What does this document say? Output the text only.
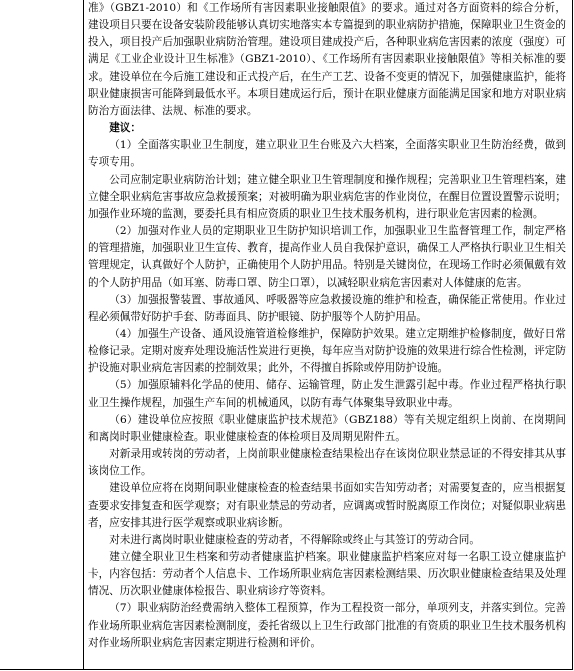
准》（GBZ1-2010）和《工作场所有害因素职业接触限值》的要求。通过对各方面资料的综合分析，建设项目只要在设备安装阶段能够认真切实地落实本专篇提到的职业病防护措施，保障职业卫生资金的投入，项目投产后加强职业病防治管理。建设项目建成投产后，各种职业病危害因素的浓度（强度）可满足《工业企业设计卫生标准》（GBZ1-2010）、《工作场所有害因素职业接触限值》等相关标准的要求。建设单位在今后施工建设和正式投产后，在生产工艺、设备不变更的情况下，加强健康监护，能将职业健康损害可能降到最低水平。本项目建成运行后，预计在职业健康方面能满足国家和地方对职业病防治方面法律、法规、标准的要求。

建议：

（1）全面落实职业卫生制度，建立职业卫生台账及六大档案，全面落实职业卫生防治经费，做到专项专用。

公司应制定职业病防治计划；建立健全职业卫生管理制度和操作规程；完善职业卫生管理档案，建立健全职业病危害事故应急救援预案；对被明确为职业病危害的作业岗位，在醒目位置设置警示说明；加强作业环境的监测，要委托具有相应资质的职业卫生技术服务机构，进行职业危害因素的检测。

（2）加强对作业人员的定期职业卫生防护知识培训工作，加强职业卫生监督管理工作，制定严格的管理措施，加强职业卫生宣传、教育，提高作业人员自我保护意识，确保工人严格执行职业卫生相关管理规定，认真做好个人防护，正确使用个人防护用品。特别是关键岗位，在现场工作时必须佩戴有效的个人防护用品（如耳塞、防毒口罩、防尘口罩），以减轻职业病危害因素对人体健康的危害。

（3）加强报警装置、事故通风、呼吸器等应急救援设施的维护和检查，确保能正常使用。作业过程必须佩带好防护手套、防毒面具、防护眼镜、防护服等个人防护用品。

（4）加强生产设备、通风设施管道检修维护，保障防护效果。建立定期维护检修制度，做好日常检修记录。定期对废弃处理设施活性炭进行更换，每年应当对防护设施的效果进行综合性检测，评定防护设施对职业病危害因素的控制效果；此外，不得擅自拆除或停用防护设施。

（5）加强原辅料化学品的使用、储存、运输管理，防止发生泄露引起中毒。作业过程严格执行职业卫生操作规程，加强生产车间的机械通风，以防有毒气体聚集导致职业中毒。

（6）建设单位应按照《职业健康监护技术规范》（GBZ188）等有关规定组织上岗前、在岗期间和离岗时职业健康检查。职业健康检查的体检项目及周期见附件五。

对新录用或转岗的劳动者，上岗前职业健康检查结果检出存在该岗位职业禁忌证的不得安排其从事该岗位工作。

建设单位应将在岗期间职业健康检查的检查结果书面如实告知劳动者；对需要复查的，应当根据复查要求安排复查和医学观察；对有职业禁忌的劳动者，应调离或暂时脱离原工作岗位；对疑似职业病患者，应安排其进行医学观察或职业病诊断。

对未进行离岗时职业健康检查的劳动者，不得解除或终止与其签订的劳动合同。

建立健全职业卫生档案和劳动者健康监护档案。职业健康监护档案应对每一名职工设立健康监护卡，内容包括：劳动者个人信息卡、工作场所职业病危害因素检测结果、历次职业健康检查结果及处理情况、历次职业健康体检报告、职业病诊疗等资料。

（7）职业病防治经费需纳入整体工程预算，作为工程投资一部分，单项列支，并落实到位。完善作业场所职业病危害因素检测制度，委托省级以上卫生行政部门批准的有资质的职业卫生技术服务机构对作业场所职业病危害因素定期进行检测和评价。
